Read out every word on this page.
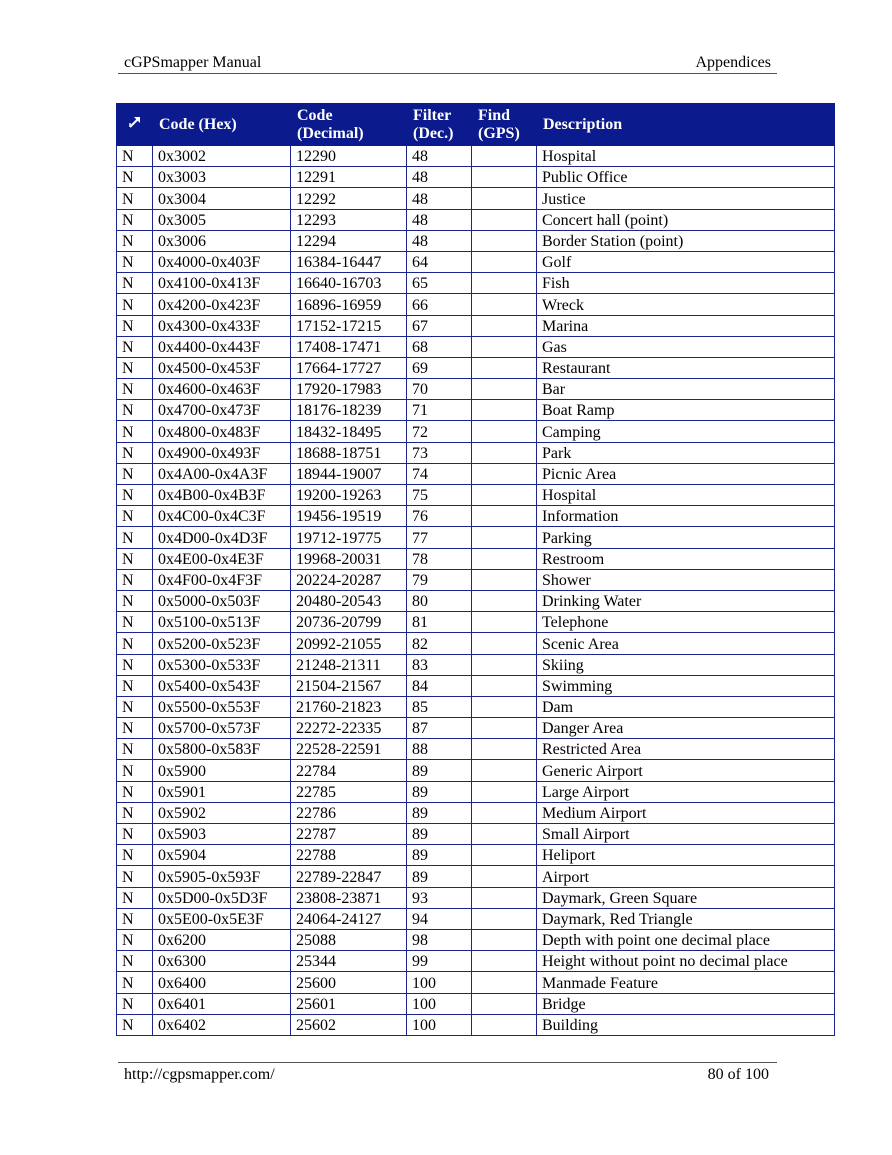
cGPSmapper Manual	Appendices
	Code (Hex)	Code (Decimal)	Filter (Dec.)	Find (GPS)	Description
N	0x3002	12290	48		Hospital
N	0x3003	12291	48		Public Office
N	0x3004	12292	48		Justice
N	0x3005	12293	48		Concert hall (point)
N	0x3006	12294	48		Border Station (point)
N	0x4000-0x403F	16384-16447	64		Golf
N	0x4100-0x413F	16640-16703	65		Fish
N	0x4200-0x423F	16896-16959	66		Wreck
N	0x4300-0x433F	17152-17215	67		Marina
N	0x4400-0x443F	17408-17471	68		Gas
N	0x4500-0x453F	17664-17727	69		Restaurant
N	0x4600-0x463F	17920-17983	70		Bar
N	0x4700-0x473F	18176-18239	71		Boat Ramp
N	0x4800-0x483F	18432-18495	72		Camping
N	0x4900-0x493F	18688-18751	73		Park
N	0x4A00-0x4A3F	18944-19007	74		Picnic Area
N	0x4B00-0x4B3F	19200-19263	75		Hospital
N	0x4C00-0x4C3F	19456-19519	76		Information
N	0x4D00-0x4D3F	19712-19775	77		Parking
N	0x4E00-0x4E3F	19968-20031	78		Restroom
N	0x4F00-0x4F3F	20224-20287	79		Shower
N	0x5000-0x503F	20480-20543	80		Drinking Water
N	0x5100-0x513F	20736-20799	81		Telephone
N	0x5200-0x523F	20992-21055	82		Scenic Area
N	0x5300-0x533F	21248-21311	83		Skiing
N	0x5400-0x543F	21504-21567	84		Swimming
N	0x5500-0x553F	21760-21823	85		Dam
N	0x5700-0x573F	22272-22335	87		Danger Area
N	0x5800-0x583F	22528-22591	88		Restricted Area
N	0x5900	22784	89		Generic Airport
N	0x5901	22785	89		Large Airport
N	0x5902	22786	89		Medium Airport
N	0x5903	22787	89		Small Airport
N	0x5904	22788	89		Heliport
N	0x5905-0x593F	22789-22847	89		Airport
N	0x5D00-0x5D3F	23808-23871	93		Daymark, Green Square
N	0x5E00-0x5E3F	24064-24127	94		Daymark, Red Triangle
N	0x6200	25088	98		Depth with point one decimal place
N	0x6300	25344	99		Height without point no decimal place
N	0x6400	25600	100		Manmade Feature
N	0x6401	25601	100		Bridge
N	0x6402	25602	100		Building
http://cgpsmapper.com/	80 of 100
